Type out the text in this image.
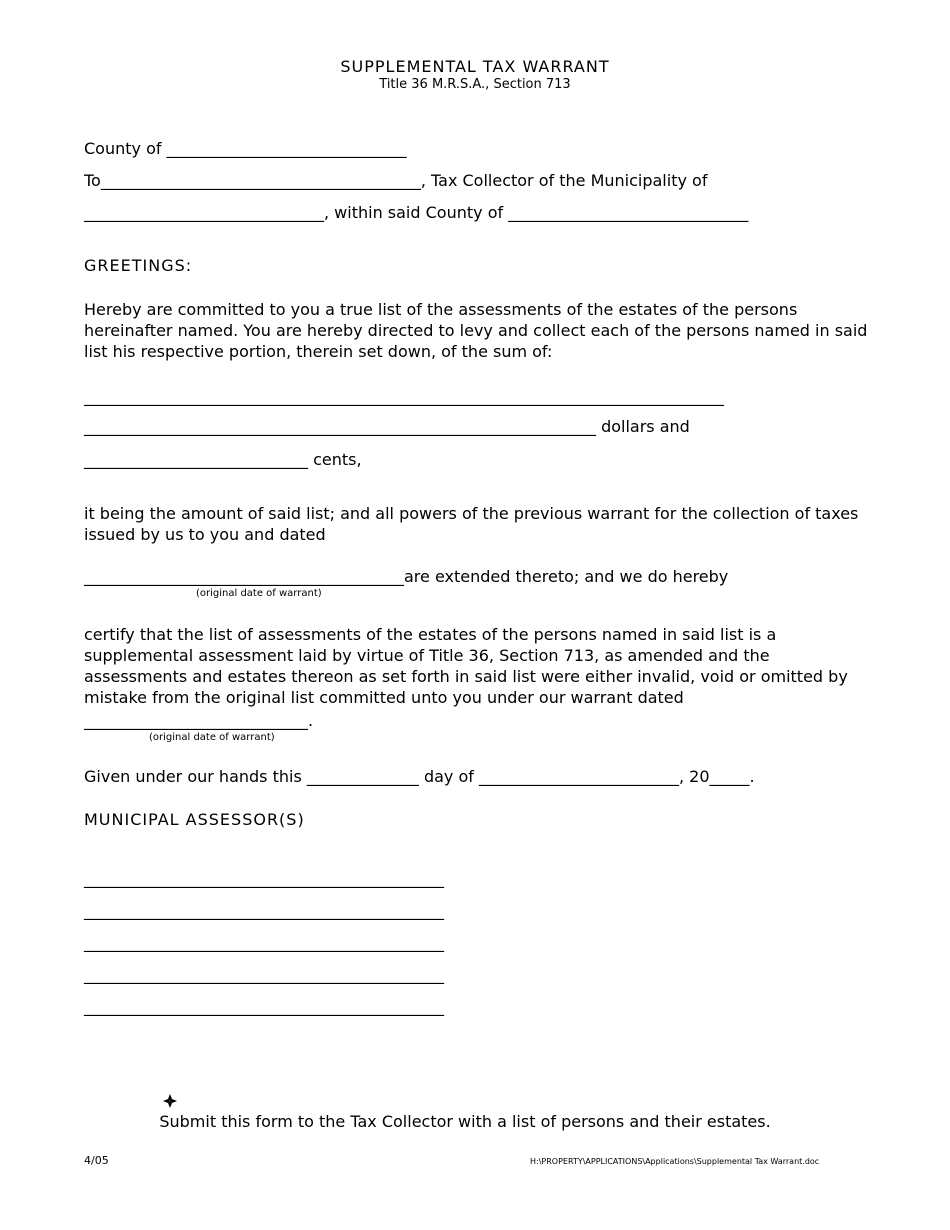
SUPPLEMENTAL TAX WARRANT
Title 36 M.R.S.A., Section 713
County of ______________________________
To________________________________________, Tax Collector of the Municipality of
______________________________, within said County of ______________________________
GREETINGS:
Hereby are committed to you a true list of the assessments of the estates of the persons hereinafter named. You are hereby directed to levy and collect each of the persons named in said list his respective portion, therein set down, of the sum of:
________________________________________________________________________________
________________________________________________________________ dollars and
____________________________ cents,
it being the amount of said list; and all powers of the previous warrant for the collection of taxes issued by us to you and dated
________________________________________are extended thereto; and we do hereby
(original date of warrant)
certify that the list of assessments of the estates of the persons named in said list is a supplemental assessment laid by virtue of Title 36, Section 713, as amended and the assessments and estates thereon as set forth in said list were either invalid, void or omitted by mistake from the original list committed unto you under our warrant dated
____________________________.
(original date of warrant)
Given under our hands this ______________ day of _________________________, 20_____.
MUNICIPAL ASSESSOR(S)
_____________________________________________
_____________________________________________
_____________________________________________
_____________________________________________
_____________________________________________

Submit this form to the Tax Collector with a list of persons and their estates.

4/05	H:\PROPERTY\APPLICATIONS\Applications\Supplemental Tax Warrant.doc
